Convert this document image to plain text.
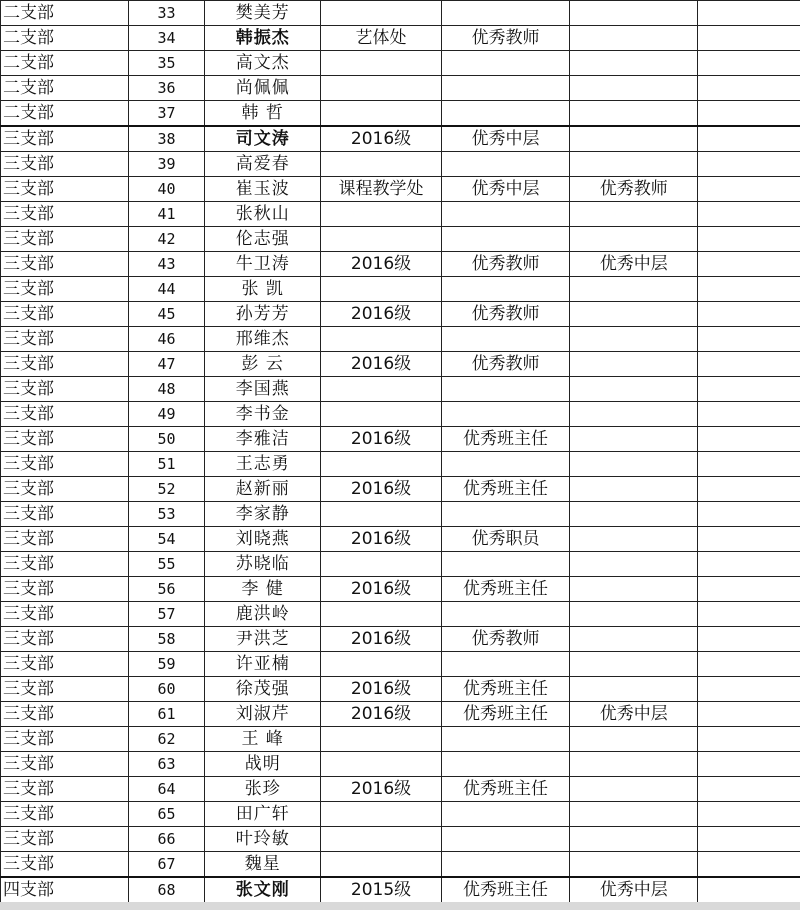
二支部	33	樊美芳				
二支部	34	韩振杰	艺体处	优秀教师		
二支部	35	高文杰				
二支部	36	尚佩佩				
二支部	37	韩 哲				
三支部	38	司文涛	2016级	优秀中层		
三支部	39	高爱春				
三支部	40	崔玉波	课程教学处	优秀中层	优秀教师	
三支部	41	张秋山				
三支部	42	伦志强				
三支部	43	牛卫涛	2016级	优秀教师	优秀中层	
三支部	44	张 凯				
三支部	45	孙芳芳	2016级	优秀教师		
三支部	46	邢维杰				
三支部	47	彭 云	2016级	优秀教师		
三支部	48	李国燕				
三支部	49	李书金				
三支部	50	李雅洁	2016级	优秀班主任		
三支部	51	王志勇				
三支部	52	赵新丽	2016级	优秀班主任		
三支部	53	李家静				
三支部	54	刘晓燕	2016级	优秀职员		
三支部	55	苏晓临				
三支部	56	李 健	2016级	优秀班主任		
三支部	57	鹿洪岭				
三支部	58	尹洪芝	2016级	优秀教师		
三支部	59	许亚楠				
三支部	60	徐茂强	2016级	优秀班主任		
三支部	61	刘淑芹	2016级	优秀班主任	优秀中层	
三支部	62	王 峰				
三支部	63	战明				
三支部	64	张珍	2016级	优秀班主任		
三支部	65	田广轩				
三支部	66	叶玲敏				
三支部	67	魏星				
四支部	68	张文刚	2015级	优秀班主任	优秀中层	
